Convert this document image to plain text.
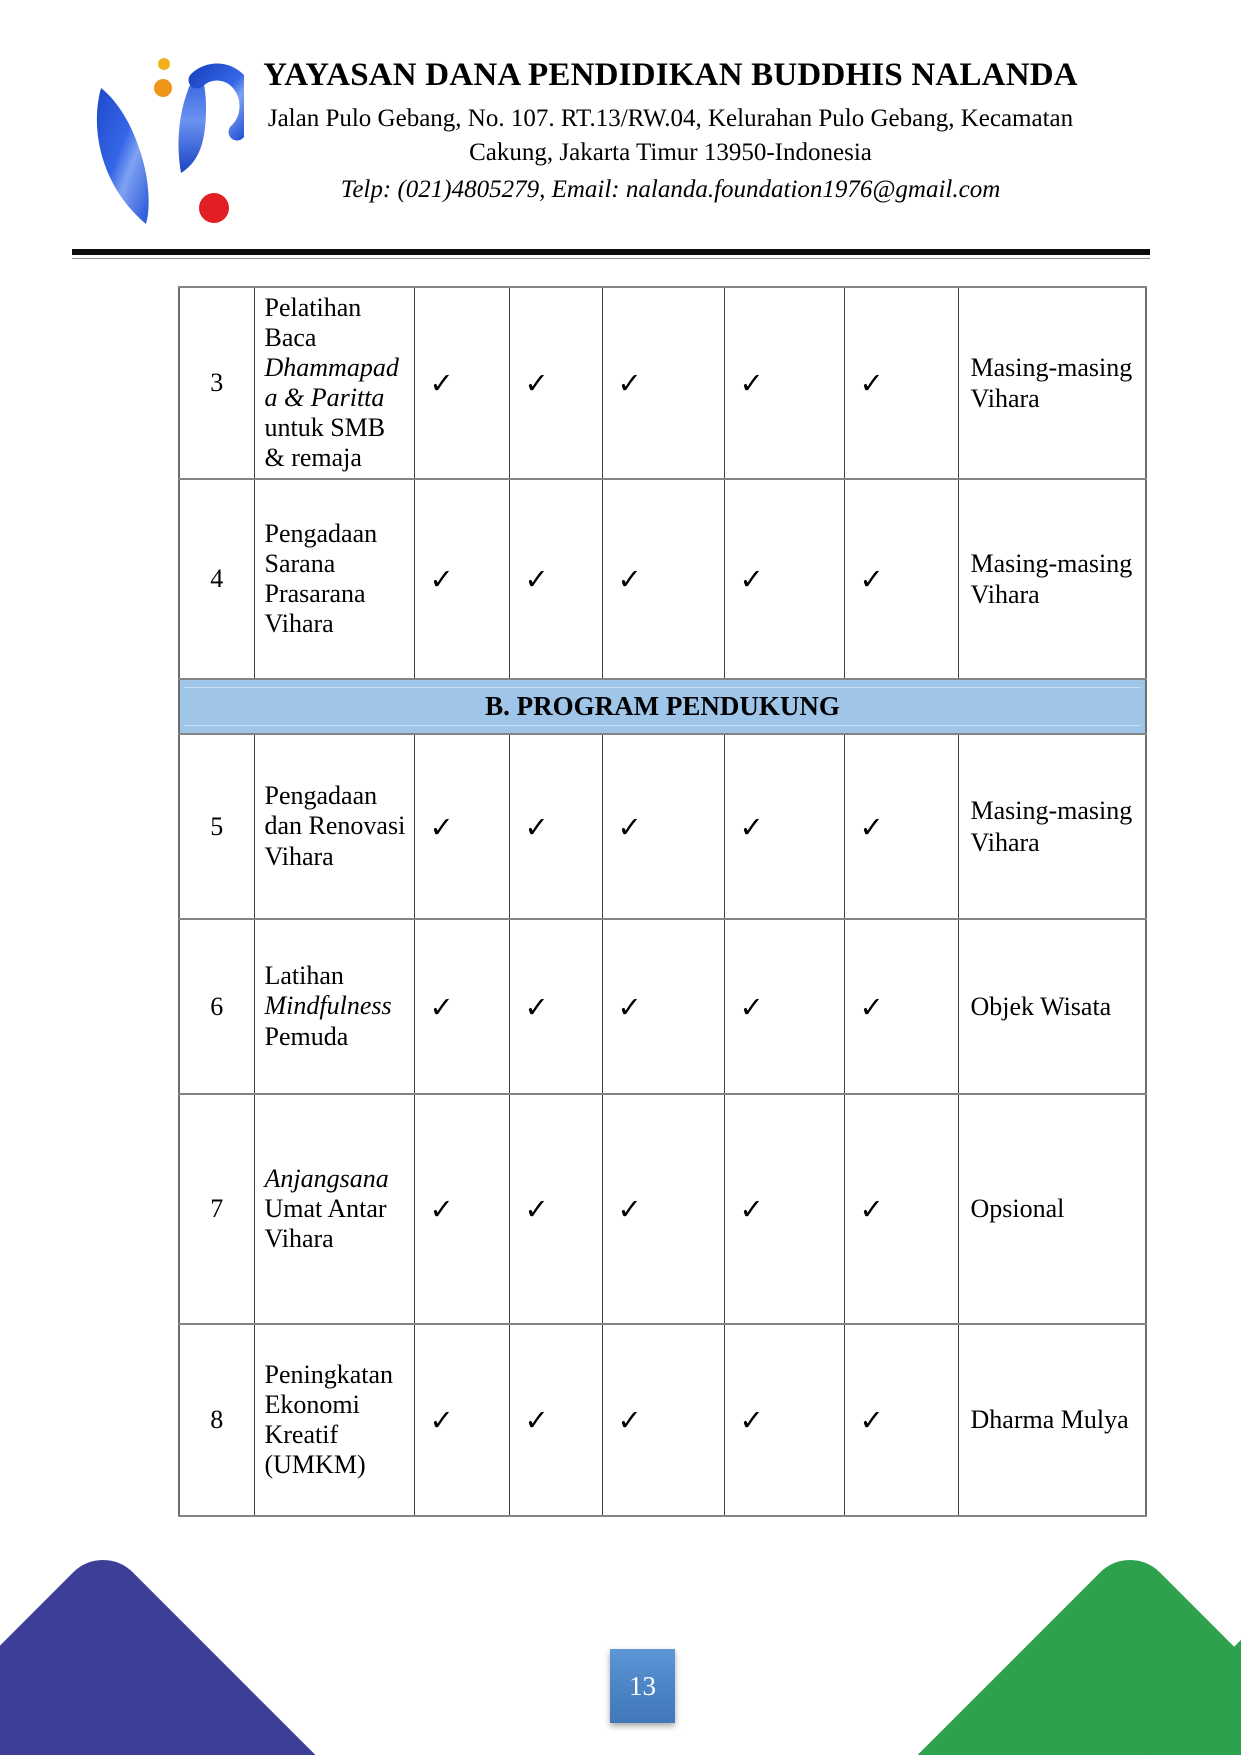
YAYASAN DANA PENDIDIKAN BUDDHIS NALANDA
Jalan Pulo Gebang, No. 107. RT.13/RW.04, Kelurahan Pulo Gebang, Kecamatan
Cakung, Jakarta Timur 13950-Indonesia
Telp: (021)4805279, Email: nalanda.foundation1976@gmail.com
3	Pelatihan Baca Dhammapada & Paritta untuk SMB & remaja	✓	✓	✓	✓	✓	Masing-masing Vihara
4	Pengadaan Sarana Prasarana Vihara	✓	✓	✓	✓	✓	Masing-masing Vihara

B. PROGRAM PENDUKUNG							

5	Pengadaan dan Renovasi Vihara	✓	✓	✓	✓	✓	Masing-masing Vihara
6	Latihan Mindfulness Pemuda	✓	✓	✓	✓	✓	Objek Wisata
7	Anjangsana Umat Antar Vihara	✓	✓	✓	✓	✓	Opsional
8	Peningkatan Ekonomi Kreatif (UMKM)	✓	✓	✓	✓	✓	Dharma Mulya
13
